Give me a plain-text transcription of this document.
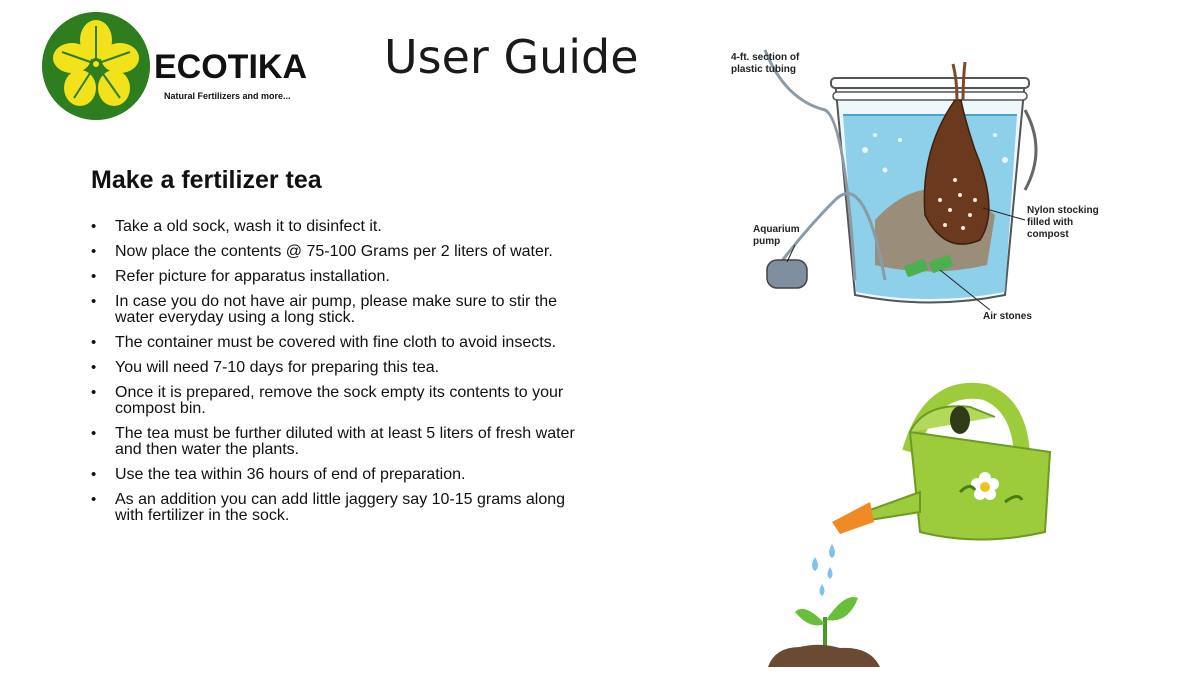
ECOTIKA
Natural Fertilizers and more...
User Guide
Make a fertilizer tea
• Take a old sock, wash it to disinfect it.
• Now place the contents @ 75-100 Grams per 2 liters of water.
• Refer picture for apparatus installation.
• In case you do not have air pump, please make sure to stir the water everyday using a long stick.
• The container must be covered with fine cloth to avoid insects.
• You will need 7-10 days for preparing this tea.
• Once it is prepared, remove the sock empty its contents to your compost bin.
• The tea must be further diluted with at least 5 liters of fresh water and then water the plants.
• Use the tea within 36 hours of end of preparation.
• As an addition you can add little jaggery say 10-15 grams along with fertilizer in the sock.
4-ft. section of
plastic tubing
Aquarium
pump
Nylon stocking
filled with
compost
Air stones
